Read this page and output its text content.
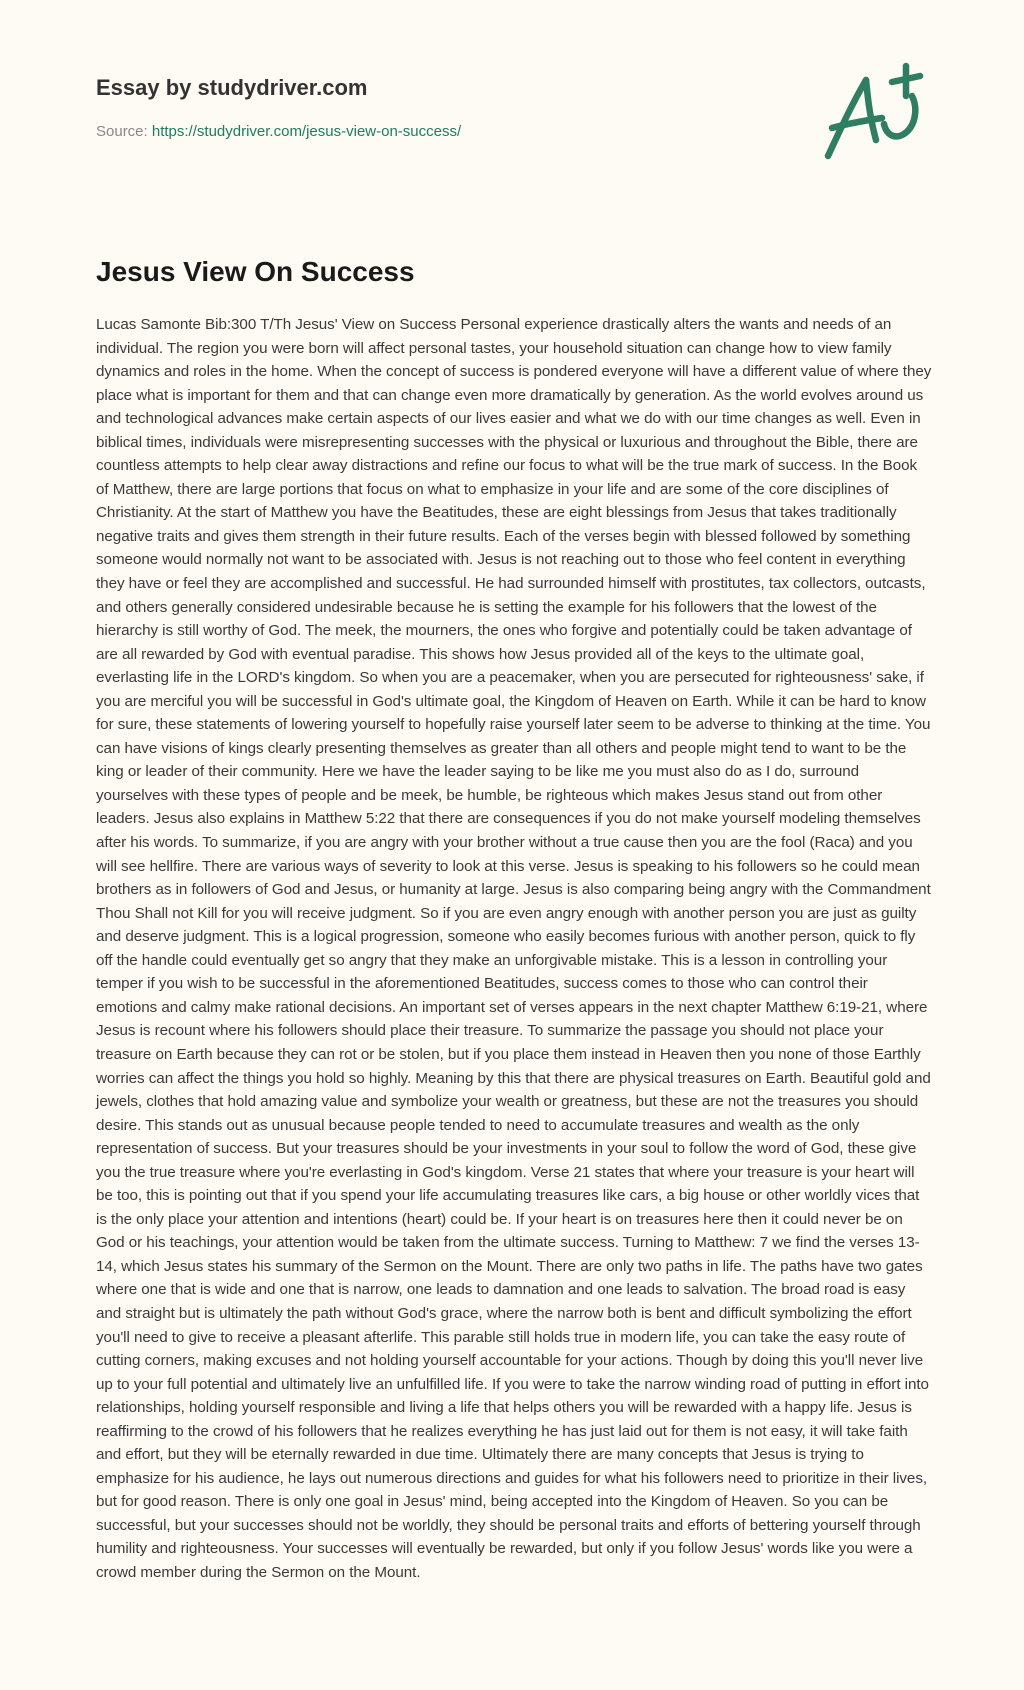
Essay by studydriver.com
Source: https://studydriver.com/jesus-view-on-success/
Jesus View On Success

Lucas Samonte Bib:300 T/Th Jesus' View on Success Personal experience drastically alters the wants and needs of an individual. The region you were born will affect personal tastes, your household situation can change how to view family dynamics and roles in the home. When the concept of success is pondered everyone will have a different value of where they place what is important for them and that can change even more dramatically by generation. As the world evolves around us and technological advances make certain aspects of our lives easier and what we do with our time changes as well. Even in biblical times, individuals were misrepresenting successes with the physical or luxurious and throughout the Bible, there are countless attempts to help clear away distractions and refine our focus to what will be the true mark of success. In the Book of Matthew, there are large portions that focus on what to emphasize in your life and are some of the core disciplines of Christianity. At the start of Matthew you have the Beatitudes, these are eight blessings from Jesus that takes traditionally negative traits and gives them strength in their future results. Each of the verses begin with blessed followed by something someone would normally not want to be associated with. Jesus is not reaching out to those who feel content in everything they have or feel they are accomplished and successful. He had surrounded himself with prostitutes, tax collectors, outcasts, and others generally considered undesirable because he is setting the example for his followers that the lowest of the hierarchy is still worthy of God. The meek, the mourners, the ones who forgive and potentially could be taken advantage of are all rewarded by God with eventual paradise. This shows how Jesus provided all of the keys to the ultimate goal, everlasting life in the LORD's kingdom. So when you are a peacemaker, when you are persecuted for righteousness' sake, if you are merciful you will be successful in God's ultimate goal, the Kingdom of Heaven on Earth. While it can be hard to know for sure, these statements of lowering yourself to hopefully raise yourself later seem to be adverse to thinking at the time. You can have visions of kings clearly presenting themselves as greater than all others and people might tend to want to be the king or leader of their community. Here we have the leader saying to be like me you must also do as I do, surround yourselves with these types of people and be meek, be humble, be righteous which makes Jesus stand out from other leaders. Jesus also explains in Matthew 5:22 that there are consequences if you do not make yourself modeling themselves after his words. To summarize, if you are angry with your brother without a true cause then you are the fool (Raca) and you will see hellfire. There are various ways of severity to look at this verse. Jesus is speaking to his followers so he could mean brothers as in followers of God and Jesus, or humanity at large. Jesus is also comparing being angry with the Commandment Thou Shall not Kill for you will receive judgment. So if you are even angry enough with another person you are just as guilty and deserve judgment. This is a logical progression, someone who easily becomes furious with another person, quick to fly off the handle could eventually get so angry that they make an unforgivable mistake. This is a lesson in controlling your temper if you wish to be successful in the aforementioned Beatitudes, success comes to those who can control their emotions and calmy make rational decisions. An important set of verses appears in the next chapter Matthew 6:19-21, where Jesus is recount where his followers should place their treasure. To summarize the passage you should not place your treasure on Earth because they can rot or be stolen, but if you place them instead in Heaven then you none of those Earthly worries can affect the things you hold so highly. Meaning by this that there are physical treasures on Earth. Beautiful gold and jewels, clothes that hold amazing value and symbolize your wealth or greatness, but these are not the treasures you should desire. This stands out as unusual because people tended to need to accumulate treasures and wealth as the only representation of success. But your treasures should be your investments in your soul to follow the word of God, these give you the true treasure where you're everlasting in God's kingdom. Verse 21 states that where your treasure is your heart will be too, this is pointing out that if you spend your life accumulating treasures like cars, a big house or other worldly vices that is the only place your attention and intentions (heart) could be. If your heart is on treasures here then it could never be on God or his teachings, your attention would be taken from the ultimate success. Turning to Matthew: 7 we find the verses 13-14, which Jesus states his summary of the Sermon on the Mount. There are only two paths in life. The paths have two gates where one that is wide and one that is narrow, one leads to damnation and one leads to salvation. The broad road is easy and straight but is ultimately the path without God's grace, where the narrow both is bent and difficult symbolizing the effort you'll need to give to receive a pleasant afterlife. This parable still holds true in modern life, you can take the easy route of cutting corners, making excuses and not holding yourself accountable for your actions. Though by doing this you'll never live up to your full potential and ultimately live an unfulfilled life. If you were to take the narrow winding road of putting in effort into relationships, holding yourself responsible and living a life that helps others you will be rewarded with a happy life. Jesus is reaffirming to the crowd of his followers that he realizes everything he has just laid out for them is not easy, it will take faith and effort, but they will be eternally rewarded in due time. Ultimately there are many concepts that Jesus is trying to emphasize for his audience, he lays out numerous directions and guides for what his followers need to prioritize in their lives, but for good reason. There is only one goal in Jesus' mind, being accepted into the Kingdom of Heaven. So you can be successful, but your successes should not be worldly, they should be personal traits and efforts of bettering yourself through humility and righteousness. Your successes will eventually be rewarded, but only if you follow Jesus' words like you were a crowd member during the Sermon on the Mount.
